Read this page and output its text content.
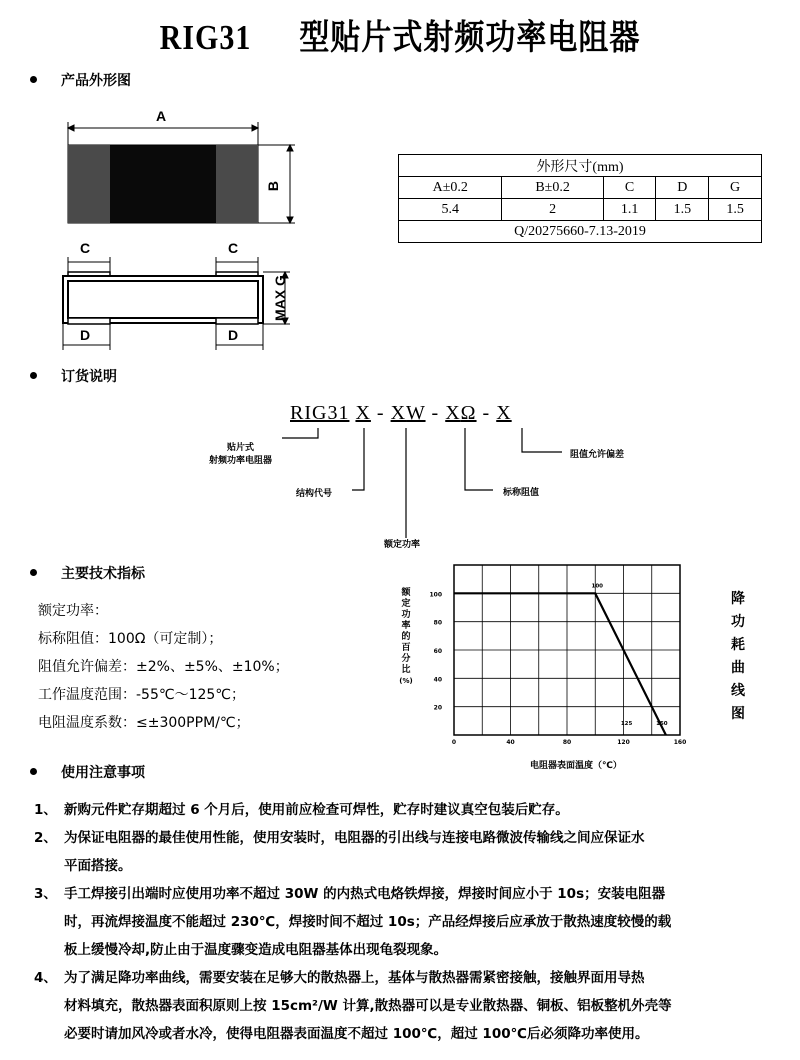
RIG31 型贴片式射频功率电阻器
产品外形图
A
B
C	C
D	D
MAX G
外形尺寸(mm)				
A±0.2	B±0.2	C	D	G
5.4	2	1.1	1.5	1.5
Q/20275660-7.13-2019				
订货说明
RIG31 X - XW - XΩ - X
贴片式
射频功率电阻器
结构代号
额定功率
标称阻值
阻值允许偏差
主要技术指标
额定功率：
标称阻值：100Ω（可定制）；
阻值允许偏差：±2%、±5%、±10%；
工作温度范围：-55℃～125℃；
电阻温度系数：≤±300PPM/℃；
额
定
功
率
的
百
分
比
(%)
20
40
60
80
100
0	40	80	120	160
100
125	150
电阻器表面温度（℃）
降
功
耗
曲
线
图
使用注意事项
1、 新购元件贮存期超过 6 个月后，使用前应检查可焊性，贮存时建议真空包装后贮存。
2、 为保证电阻器的最佳使用性能，使用安装时，电阻器的引出线与连接电路微波传输线之间应保证水
平面搭接。
3、 手工焊接引出端时应使用功率不超过 30W 的内热式电烙铁焊接，焊接时间应小于 10s；安装电阻器
时，再流焊接温度不能超过 230℃，焊接时间不超过 10s；产品经焊接后应承放于散热速度较慢的载
板上缓慢冷却,防止由于温度骤变造成电阻器基体出现龟裂现象。
4、 为了满足降功率曲线，需要安装在足够大的散热器上，基体与散热器需紧密接触，接触界面用导热
材料填充，散热器表面积原则上按 15cm²/W 计算,散热器可以是专业散热器、铜板、铝板整机外壳等
必要时请加风冷或者水冷，使得电阻器表面温度不超过 100℃，超过 100℃后必须降功率使用。
